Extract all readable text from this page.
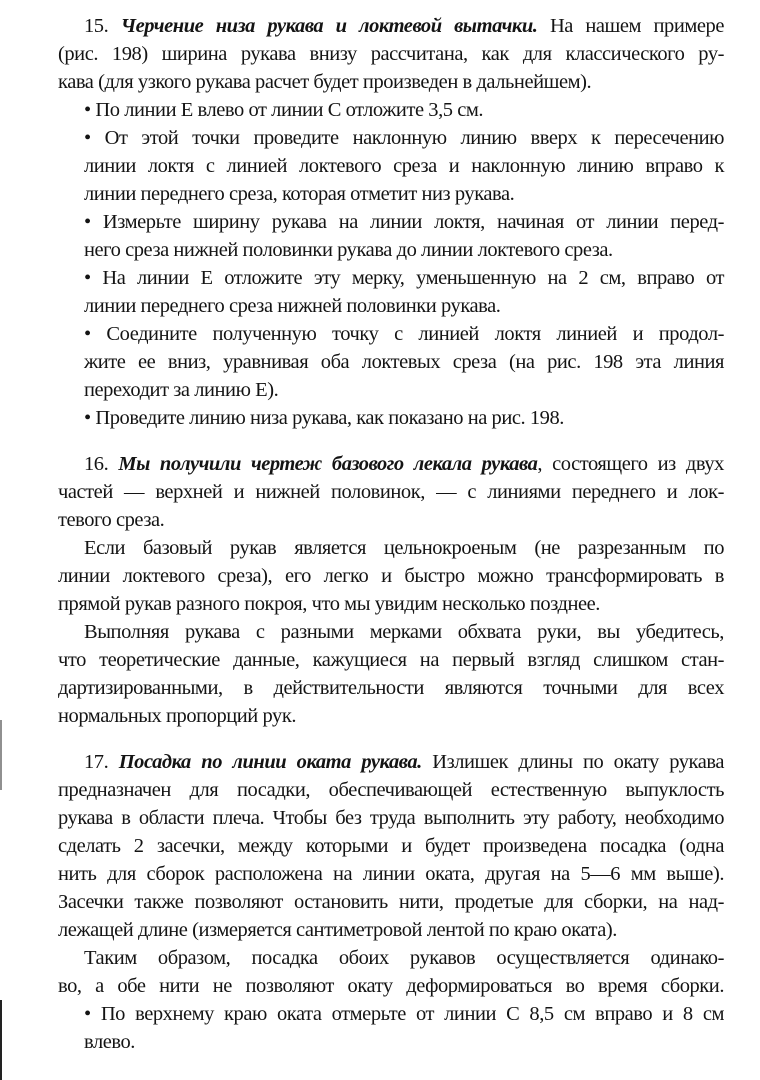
15. Черчение низа рукава и локтевой вытачки. На нашем примере
(рис. 198) ширина рукава внизу рассчитана, как для классического ру-
кава (для узкого рукава расчет будет произведен в дальнейшем).
• По линии Е влево от линии С отложите 3,5 см.
• От этой точки проведите наклонную линию вверх к пересечению
линии локтя с линией локтевого среза и наклонную линию вправо к
линии переднего среза, которая отметит низ рукава.
• Измерьте ширину рукава на линии локтя, начиная от линии перед-
него среза нижней половинки рукава до линии локтевого среза.
• На линии Е отложите эту мерку, уменьшенную на 2 см, вправо от
линии переднего среза нижней половинки рукава.
• Соедините полученную точку с линией локтя линией и продол-
жите ее вниз, уравнивая оба локтевых среза (на рис. 198 эта линия
переходит за линию Е).
• Проведите линию низа рукава, как показано на рис. 198.
16. Мы получили чертеж базового лекала рукава, состоящего из двух
частей — верхней и нижней половинок, — с линиями переднего и лок-
тевого среза.
Если базовый рукав является цельнокроеным (не разрезанным по
линии локтевого среза), его легко и быстро можно трансформировать в
прямой рукав разного покроя, что мы увидим несколько позднее.
Выполняя рукава с разными мерками обхвата руки, вы убедитесь,
что теоретические данные, кажущиеся на первый взгляд слишком стан-
дартизированными, в действительности являются точными для всех
нормальных пропорций рук.
17. Посадка по линии оката рукава. Излишек длины по окату рукава
предназначен для посадки, обеспечивающей естественную выпуклость
рукава в области плеча. Чтобы без труда выполнить эту работу, необходимо
сделать 2 засечки, между которыми и будет произведена посадка (одна
нить для сборок расположена на линии оката, другая на 5—6 мм выше).
Засечки также позволяют остановить нити, продетые для сборки, на над-
лежащей длине (измеряется сантиметровой лентой по краю оката).
Таким образом, посадка обоих рукавов осуществляется одинако-
во, а обе нити не позволяют окату деформироваться во время сборки.
• По верхнему краю оката отмерьте от линии С 8,5 см вправо и 8 см
влево.
